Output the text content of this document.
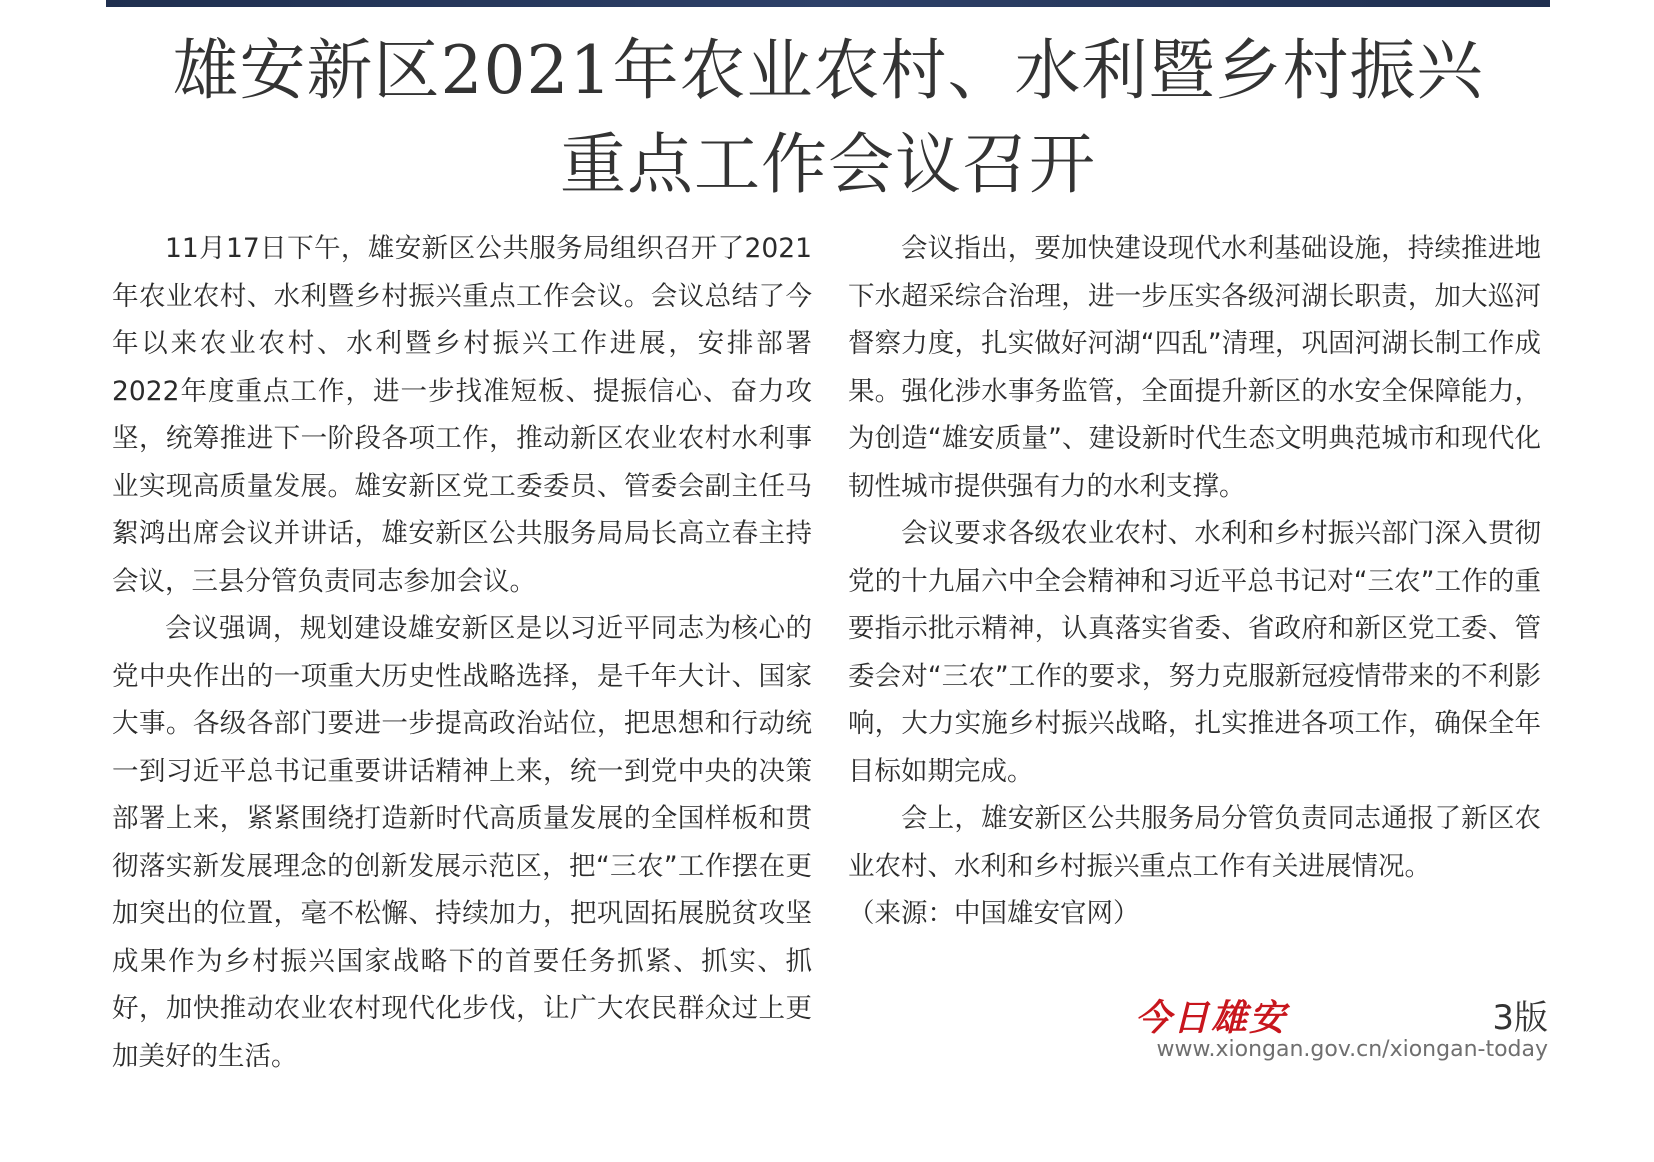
雄安新区2021年农业农村、水利暨乡村振兴
重点工作会议召开

11月17日下午，雄安新区公共服务局组织召开了2021年农业农村、水利暨乡村振兴重点工作会议。会议总结了今年以来农业农村、水利暨乡村振兴工作进展，安排部署2022年度重点工作，进一步找准短板、提振信心、奋力攻坚，统筹推进下一阶段各项工作，推动新区农业农村水利事业实现高质量发展。雄安新区党工委委员、管委会副主任马絮鸿出席会议并讲话，雄安新区公共服务局局长高立春主持会议，三县分管负责同志参加会议。

会议强调，规划建设雄安新区是以习近平同志为核心的党中央作出的一项重大历史性战略选择，是千年大计、国家大事。各级各部门要进一步提高政治站位，把思想和行动统一到习近平总书记重要讲话精神上来，统一到党中央的决策部署上来，紧紧围绕打造新时代高质量发展的全国样板和贯彻落实新发展理念的创新发展示范区，把“三农”工作摆在更加突出的位置，毫不松懈、持续加力，把巩固拓展脱贫攻坚成果作为乡村振兴国家战略下的首要任务抓紧、抓实、抓好，加快推动农业农村现代化步伐，让广大农民群众过上更加美好的生活。

会议指出，要加快建设现代水利基础设施，持续推进地下水超采综合治理，进一步压实各级河湖长职责，加大巡河督察力度，扎实做好河湖“四乱”清理，巩固河湖长制工作成果。强化涉水事务监管，全面提升新区的水安全保障能力，为创造“雄安质量”、建设新时代生态文明典范城市和现代化韧性城市提供强有力的水利支撑。

会议要求各级农业农村、水利和乡村振兴部门深入贯彻党的十九届六中全会精神和习近平总书记对“三农”工作的重要指示批示精神，认真落实省委、省政府和新区党工委、管委会对“三农”工作的要求，努力克服新冠疫情带来的不利影响，大力实施乡村振兴战略，扎实推进各项工作，确保全年目标如期完成。

会上，雄安新区公共服务局分管负责同志通报了新区农业农村、水利和乡村振兴重点工作有关进展情况。

（来源：中国雄安官网）

今日雄安	3版
www.xiongan.gov.cn/xiongan-today
